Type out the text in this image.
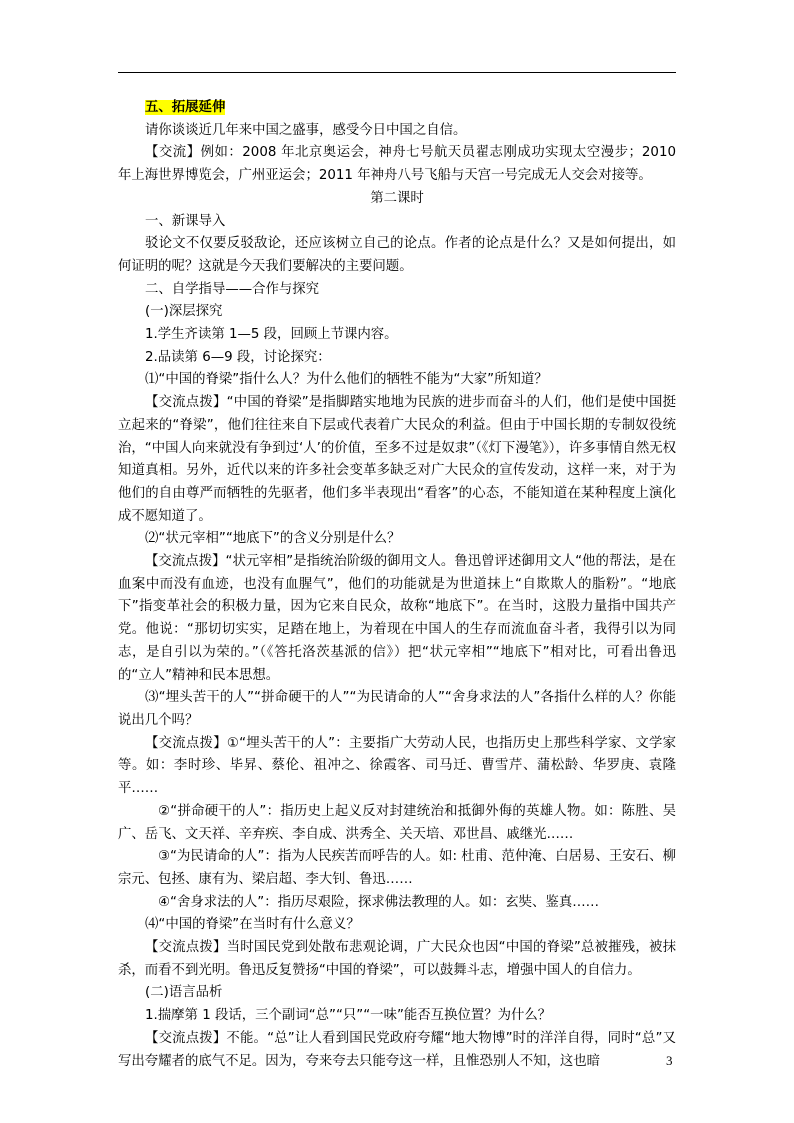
五、拓展延伸

请你谈谈近几年来中国之盛事，感受今日中国之自信。

【交流】例如：2008 年北京奥运会，神舟七号航天员翟志刚成功实现太空漫步；2010 年上海世界博览会，广州亚运会；2011 年神舟八号飞船与天宫一号完成无人交会对接等。

第二课时

一、新课导入

驳论文不仅要反驳敌论，还应该树立自己的论点。作者的论点是什么？又是如何提出，如何证明的呢？这就是今天我们要解决的主要问题。

二、自学指导——合作与探究

(一)深层探究

1.学生齐读第 1—5 段，回顾上节课内容。

2.品读第 6—9 段，讨论探究：

⑴“中国的脊梁”指什么人？为什么他们的牺牲不能为“大家”所知道？

【交流点拨】“中国的脊梁”是指脚踏实地地为民族的进步而奋斗的人们，他们是使中国挺立起来的“脊梁”，他们往往来自下层或代表着广大民众的利益。但由于中国长期的专制奴役统治，“中国人向来就没有争到过‘人’的价值，至多不过是奴隶”（《灯下漫笔》），许多事情自然无权知道真相。另外，近代以来的许多社会变革多缺乏对广大民众的宣传发动，这样一来，对于为他们的自由尊严而牺牲的先驱者，他们多半表现出“看客”的心态，不能知道在某种程度上演化成不愿知道了。

⑵“状元宰相”“地底下”的含义分别是什么？

【交流点拨】“状元宰相”是指统治阶级的御用文人。鲁迅曾评述御用文人“他的帮法，是在血案中而没有血迹，也没有血腥气”，他们的功能就是为世道抹上“自欺欺人的脂粉”。“地底下”指变革社会的积极力量，因为它来自民众，故称“地底下”。在当时，这股力量指中国共产党。他说：“那切切实实，足踏在地上，为着现在中国人的生存而流血奋斗者，我得引以为同志，是自引以为荣的。”（《答托洛茨基派的信》）把“状元宰相”“地底下”相对比，可看出鲁迅的“立人”精神和民本思想。

⑶“埋头苦干的人”“拼命硬干的人”“为民请命的人”“舍身求法的人”各指什么样的人？你能说出几个吗？

【交流点拨】①“埋头苦干的人”：主要指广大劳动人民，也指历史上那些科学家、文学家等。如：李时珍、毕昇、蔡伦、祖冲之、徐霞客、司马迁、曹雪芹、蒲松龄、华罗庚、袁隆平……

②“拼命硬干的人”：指历史上起义反对封建统治和抵御外侮的英雄人物。如：陈胜、吴广、岳飞、文天祥、辛弃疾、李自成、洪秀全、关天培、邓世昌、戚继光……

③“为民请命的人”：指为人民疾苦而呼告的人。如: 杜甫、范仲淹、白居易、王安石、柳宗元、包拯、康有为、梁启超、李大钊、鲁迅……

④“舍身求法的人”：指历尽艰险，探求佛法教理的人。如：玄奘、鉴真……

⑷“中国的脊梁”在当时有什么意义？

【交流点拨】当时国民党到处散布悲观论调，广大民众也因“中国的脊梁”总被摧残，被抹杀，而看不到光明。鲁迅反复赞扬“中国的脊梁”，可以鼓舞斗志，增强中国人的自信力。

(二)语言品析

1.揣摩第 1 段话，三个副词“总”“只”“一味”能否互换位置？为什么？

【交流点拨】不能。“总”让人看到国民党政府夸耀“地大物博”时的洋洋自得，同时“总”又写出夸耀者的底气不足。因为，夸来夸去只能夸这一样，且惟恐别人不知，这也暗	3
